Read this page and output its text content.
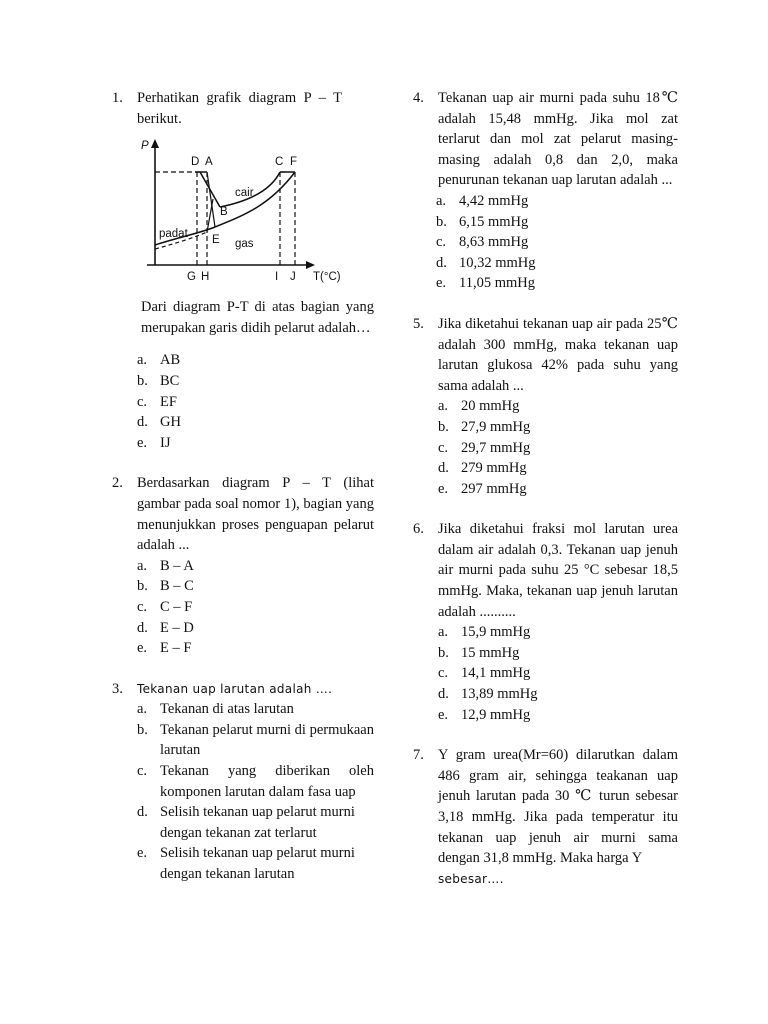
1. Perhatikan grafik diagram P – T berikut.
P
T(°C)
D A	C F
B
E
G H	I J
padat
cair
gas
Dari diagram P-T di atas bagian yang merupakan garis didih pelarut adalah…
a. AB
b. BC
c. EF
d. GH
e. IJ
2. Berdasarkan diagram P – T (lihat gambar pada soal nomor 1), bagian yang menunjukkan proses penguapan pelarut adalah ...
a. B – A
b. B – C
c. C – F
d. E – D
e. E – F
3. Tekanan uap larutan adalah ….
a. Tekanan di atas larutan
b. Tekanan pelarut murni di permukaan larutan
c. Tekanan yang diberikan oleh komponen larutan dalam fasa uap
d. Selisih tekanan uap pelarut murni dengan tekanan zat terlarut
e. Selisih tekanan uap pelarut murni dengan tekanan larutan
4. Tekanan uap air murni pada suhu 18℃ adalah 15,48 mmHg. Jika mol zat terlarut dan mol zat pelarut masing-masing adalah 0,8 dan 2,0, maka penurunan tekanan uap larutan adalah ...
a. 4,42 mmHg
b. 6,15 mmHg
c. 8,63 mmHg
d. 10,32 mmHg
e. 11,05 mmHg
5. Jika diketahui tekanan uap air pada 25℃ adalah 300 mmHg, maka tekanan uap larutan glukosa 42% pada suhu yang sama adalah ...
a. 20 mmHg
b. 27,9 mmHg
c. 29,7 mmHg
d. 279 mmHg
e. 297 mmHg
6. Jika diketahui fraksi mol larutan urea dalam air adalah 0,3. Tekanan uap jenuh air murni pada suhu 25 °C sebesar 18,5 mmHg. Maka, tekanan uap jenuh larutan adalah ..........
a. 15,9 mmHg
b. 15 mmHg
c. 14,1 mmHg
d. 13,89 mmHg
e. 12,9 mmHg
7. Y gram urea(Mr=60) dilarutkan dalam 486 gram air, sehingga teakanan uap jenuh larutan pada 30 ℃ turun sebesar 3,18 mmHg. Jika pada temperatur itu tekanan uap jenuh air murni sama dengan 31,8 mmHg. Maka harga Y
sebesar….
